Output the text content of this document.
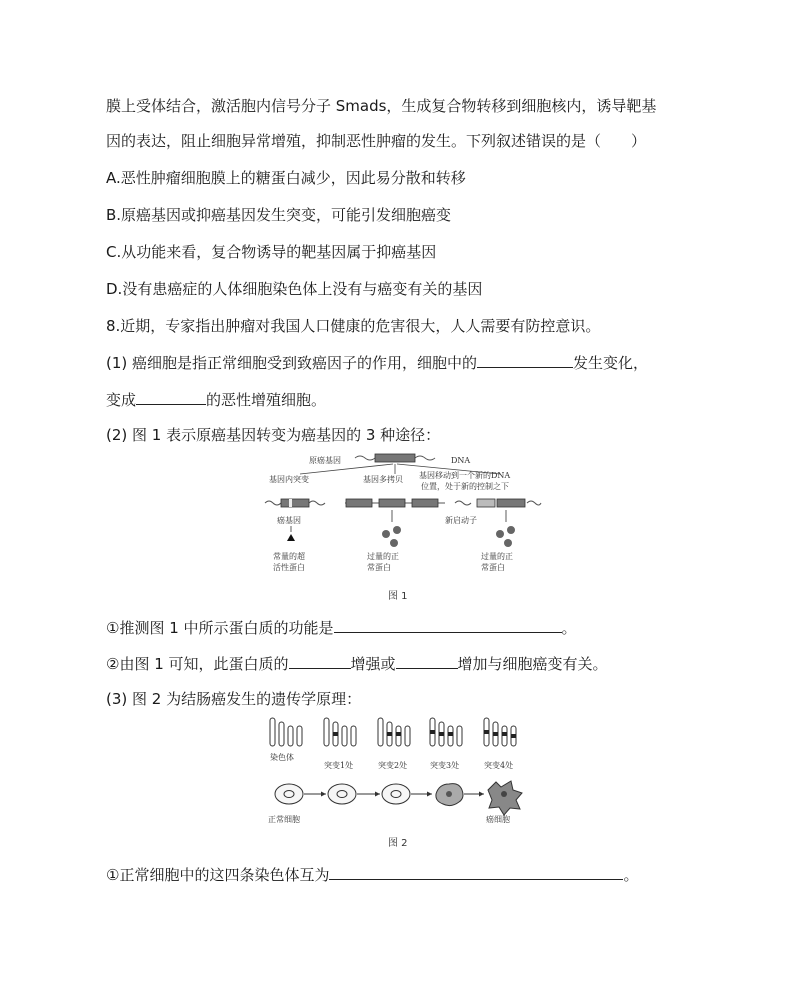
膜上受体结合，激活胞内信号分子 Smads，生成复合物转移到细胞核内，诱导靶基
因的表达，阻止细胞异常增殖，抑制恶性肿瘤的发生。下列叙述错误的是（　　）
A.恶性肿瘤细胞膜上的糖蛋白减少，因此易分散和转移
B.原癌基因或抑癌基因发生突变，可能引发细胞癌变
C.从功能来看，复合物诱导的靶基因属于抑癌基因
D.没有患癌症的人体细胞染色体上没有与癌变有关的基因
8.近期，专家指出肿瘤对我国人口健康的危害很大，人人需要有防控意识。
(1) 癌细胞是指正常细胞受到致癌因子的作用，细胞中的	发生变化，
变成	的恶性增殖细胞。
(2) 图 1 表示原癌基因转变为癌基因的 3 种途径：
原癌基因	DNA
基因内突变	基因多拷贝 基因移动到一个新的DNA
位置，处于新的控制之下
癌基因
常量的超
活性蛋白
过量的正
常蛋白
新启动子
过量的正
常蛋白
图 1
①推测图 1 中所示蛋白质的功能是	。
②由图 1 可知，此蛋白质的	增强或	增加与细胞癌变有关。
(3) 图 2 为结肠癌发生的遗传学原理：
染色体
突变1处	突变2处	突变3处	突变4处
正常细胞	癌细胞
图 2
①正常细胞中的这四条染色体互为	。
